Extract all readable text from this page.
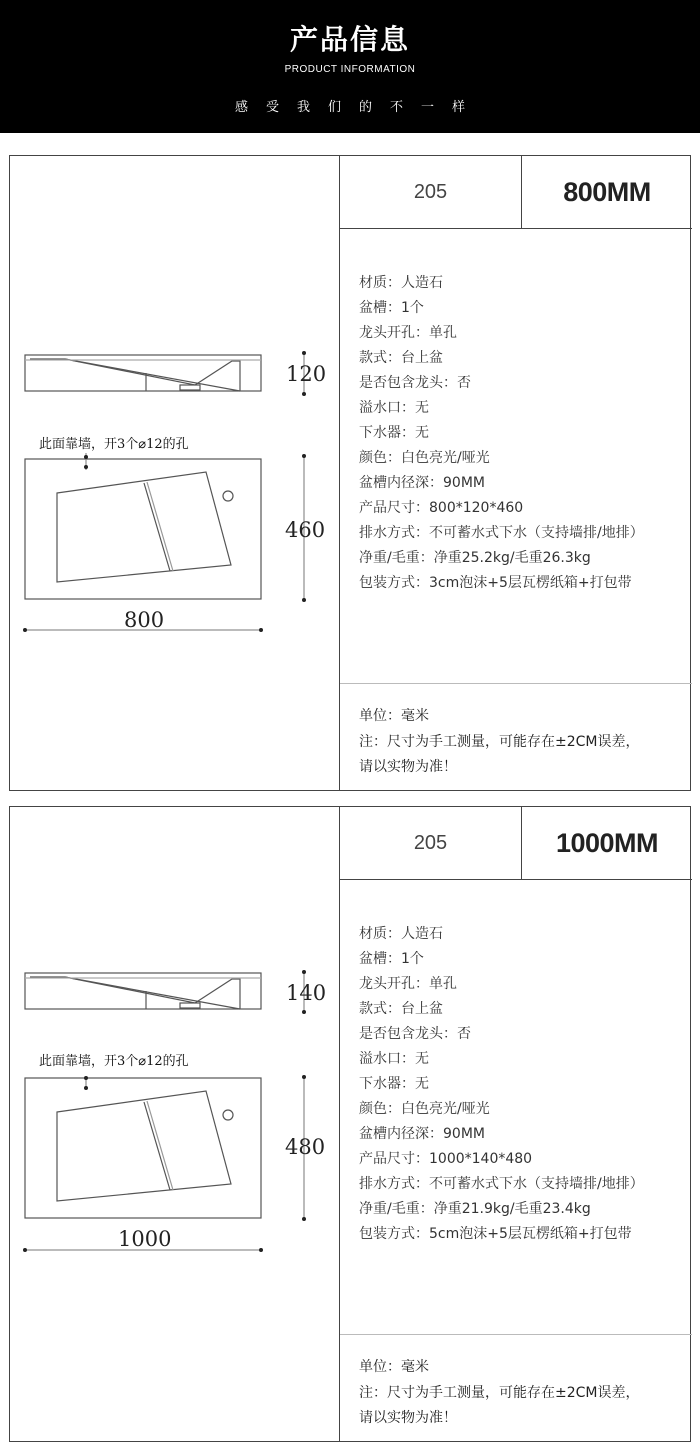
产品信息
PRODUCT INFORMATION
感受我们的不一样
120
460
800
此面靠墙，开3个⌀12的孔
205	800MM
材质：人造石
盆槽：1个
龙头开孔：单孔
款式：台上盆
是否包含龙头：否
溢水口：无
下水器：无
颜色：白色亮光/哑光
盆槽内径深：90MM
产品尺寸：800*120*460
排水方式：不可蓄水式下水（支持墙排/地排）
净重/毛重：净重25.2kg/毛重26.3kg
包装方式：3cm泡沫+5层瓦楞纸箱+打包带
单位：毫米
注：尺寸为手工测量，可能存在±2CM误差，
请以实物为准！
140
480
1000
此面靠墙，开3个⌀12的孔
205	1000MM
材质：人造石
盆槽：1个
龙头开孔：单孔
款式：台上盆
是否包含龙头：否
溢水口：无
下水器：无
颜色：白色亮光/哑光
盆槽内径深：90MM
产品尺寸：1000*140*480
排水方式：不可蓄水式下水（支持墙排/地排）
净重/毛重：净重21.9kg/毛重23.4kg
包装方式：5cm泡沫+5层瓦楞纸箱+打包带
单位：毫米
注：尺寸为手工测量，可能存在±2CM误差，
请以实物为准！
